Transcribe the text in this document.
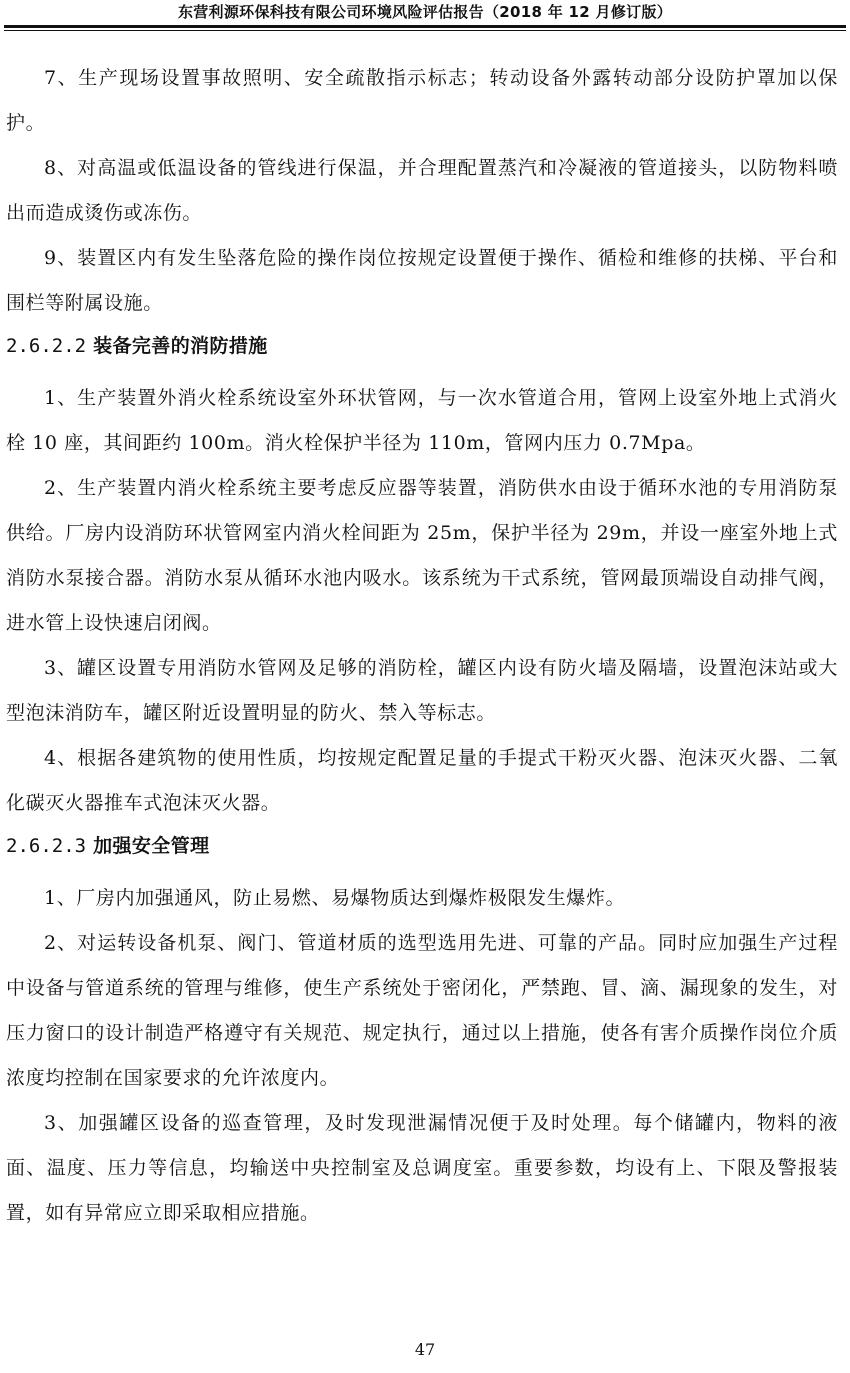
东营利源环保科技有限公司环境风险评估报告（2018 年 12 月修订版）

7、生产现场设置事故照明、安全疏散指示标志；转动设备外露转动部分设防护罩加以保护。

8、对高温或低温设备的管线进行保温，并合理配置蒸汽和冷凝液的管道接头，以防物料喷出而造成烫伤或冻伤。

9、装置区内有发生坠落危险的操作岗位按规定设置便于操作、循检和维修的扶梯、平台和围栏等附属设施。

2.6.2.2 装备完善的消防措施

1、生产装置外消火栓系统设室外环状管网，与一次水管道合用，管网上设室外地上式消火栓 10 座，其间距约 100m。消火栓保护半径为 110m，管网内压力 0.7Mpa。

2、生产装置内消火栓系统主要考虑反应器等装置，消防供水由设于循环水池的专用消防泵供给。厂房内设消防环状管网室内消火栓间距为 25m，保护半径为 29m，并设一座室外地上式消防水泵接合器。消防水泵从循环水池内吸水。该系统为干式系统，管网最顶端设自动排气阀，进水管上设快速启闭阀。

3、罐区设置专用消防水管网及足够的消防栓，罐区内设有防火墙及隔墙，设置泡沫站或大型泡沫消防车，罐区附近设置明显的防火、禁入等标志。

4、根据各建筑物的使用性质，均按规定配置足量的手提式干粉灭火器、泡沫灭火器、二氧化碳灭火器推车式泡沫灭火器。

2.6.2.3 加强安全管理

1、厂房内加强通风，防止易燃、易爆物质达到爆炸极限发生爆炸。

2、对运转设备机泵、阀门、管道材质的选型选用先进、可靠的产品。同时应加强生产过程中设备与管道系统的管理与维修，使生产系统处于密闭化，严禁跑、冒、滴、漏现象的发生，对压力窗口的设计制造严格遵守有关规范、规定执行，通过以上措施，使各有害介质操作岗位介质浓度均控制在国家要求的允许浓度内。

3、加强罐区设备的巡查管理，及时发现泄漏情况便于及时处理。每个储罐内，物料的液面、温度、压力等信息，均输送中央控制室及总调度室。重要参数，均设有上、下限及警报装置，如有异常应立即采取相应措施。

47
